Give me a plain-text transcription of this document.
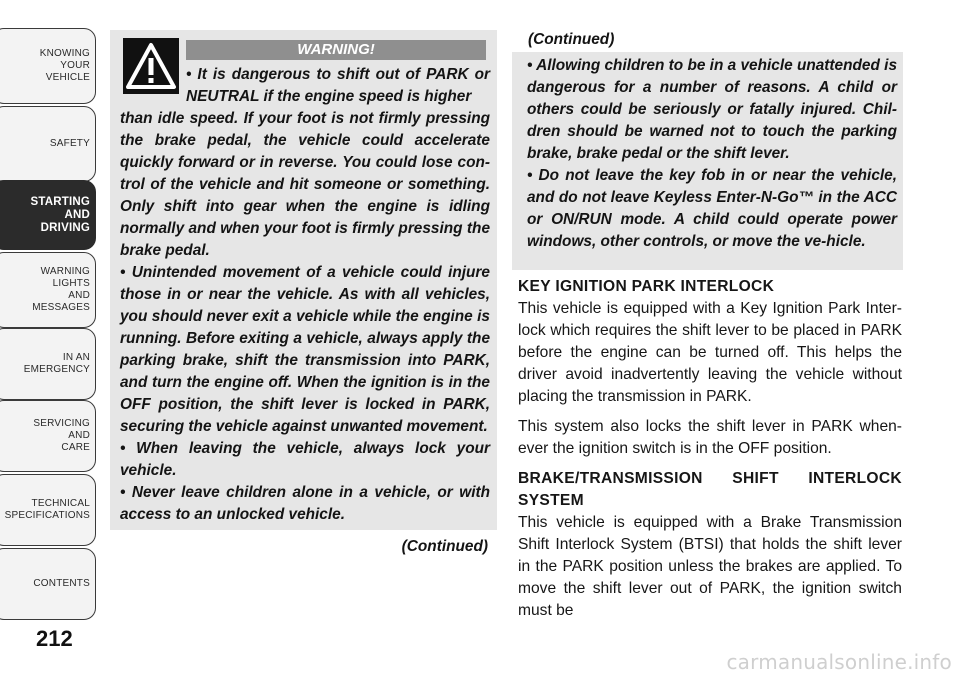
KNOWING
YOUR
VEHICLE
SAFETY
STARTING
AND
DRIVING
WARNING
LIGHTS
AND
MESSAGES
IN AN
EMERGENCY
SERVICING
AND
CARE
TECHNICAL
SPECIFICATIONS
CONTENTS
212
WARNING!

• It is dangerous to shift out of PARK or NEUTRAL if the engine speed is higher

than idle speed. If your foot is not firmly pressing the brake pedal, the vehicle could accelerate quickly forward or in reverse. You could lose con-trol of the vehicle and hit someone or something. Only shift into gear when the engine is idling normally and when your foot is firmly pressing the brake pedal.

• Unintended movement of a vehicle could injure those in or near the vehicle. As with all vehicles, you should never exit a vehicle while the engine is running. Before exiting a vehicle, always apply the parking brake, shift the transmission into PARK, and turn the engine off. When the ignition is in the OFF position, the shift lever is locked in PARK, securing the vehicle against unwanted movement.

• When leaving the vehicle, always lock your vehicle.

• Never leave children alone in a vehicle, or with access to an unlocked vehicle.

(Continued)
(Continued)

• Allowing children to be in a vehicle unattended is dangerous for a number of reasons. A child or others could be seriously or fatally injured. Chil-dren should be warned not to touch the parking brake, brake pedal or the shift lever.

• Do not leave the key fob in or near the vehicle, and do not leave Keyless Enter-N-Go™ in the ACC or ON/RUN mode. A child could operate power windows, other controls, or move the ve-hicle.

KEY IGNITION PARK INTERLOCK

This vehicle is equipped with a Key Ignition Park Inter-lock which requires the shift lever to be placed in PARK before the engine can be turned off. This helps the driver avoid inadvertently leaving the vehicle without placing the transmission in PARK.

This system also locks the shift lever in PARK when-ever the ignition switch is in the OFF position.

BRAKE/TRANSMISSION SHIFT INTERLOCK SYSTEM

This vehicle is equipped with a Brake Transmission Shift Interlock System (BTSI) that holds the shift lever in the PARK position unless the brakes are applied. To move the shift lever out of PARK, the ignition switch must be

carmanualsonline.info
